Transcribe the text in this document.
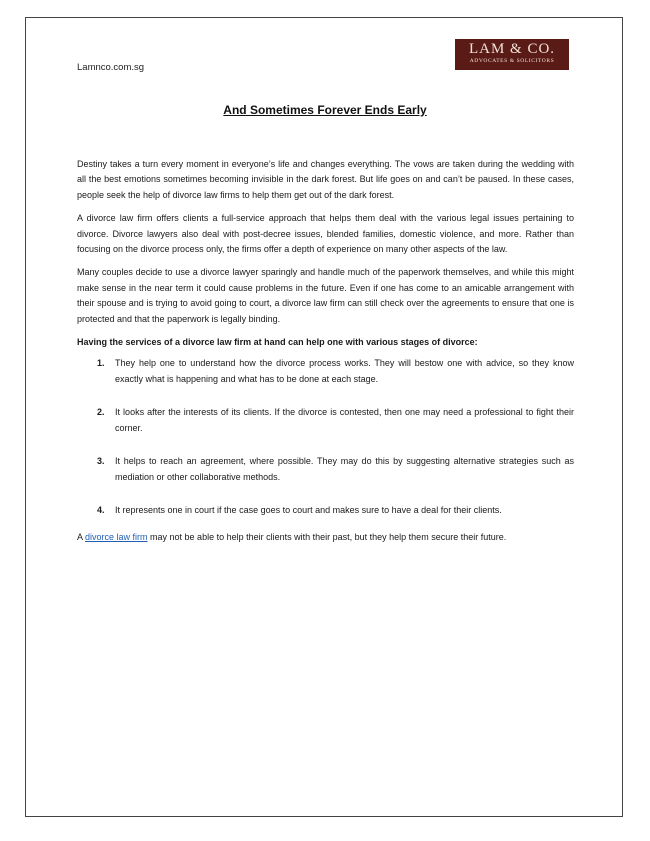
Lamnco.com.sg
LAM & CO.
ADVOCATES & SOLICITORS
And Sometimes Forever Ends Early

Destiny takes a turn every moment in everyone’s life and changes everything. The vows are taken during the wedding with all the best emotions sometimes becoming invisible in the dark forest. But life goes on and can’t be paused. In these cases, people seek the help of divorce law firms to help them get out of the dark forest.

A divorce law firm offers clients a full-service approach that helps them deal with the various legal issues pertaining to divorce. Divorce lawyers also deal with post-decree issues, blended families, domestic violence, and more. Rather than focusing on the divorce process only, the firms offer a depth of experience on many other aspects of the law.

Many couples decide to use a divorce lawyer sparingly and handle much of the paperwork themselves, and while this might make sense in the near term it could cause problems in the future. Even if one has come to an amicable arrangement with their spouse and is trying to avoid going to court, a divorce law firm can still check over the agreements to ensure that one is protected and that the paperwork is legally binding.

Having the services of a divorce law firm at hand can help one with various stages of divorce:

1. They help one to understand how the divorce process works. They will bestow one with advice, so they know exactly what is happening and what has to be done at each stage.
2. It looks after the interests of its clients. If the divorce is contested, then one may need a professional to fight their corner.
3. It helps to reach an agreement, where possible. They may do this by suggesting alternative strategies such as mediation or other collaborative methods.
4. It represents one in court if the case goes to court and makes sure to have a deal for their clients.

A divorce law firm may not be able to help their clients with their past, but they help them secure their future.
